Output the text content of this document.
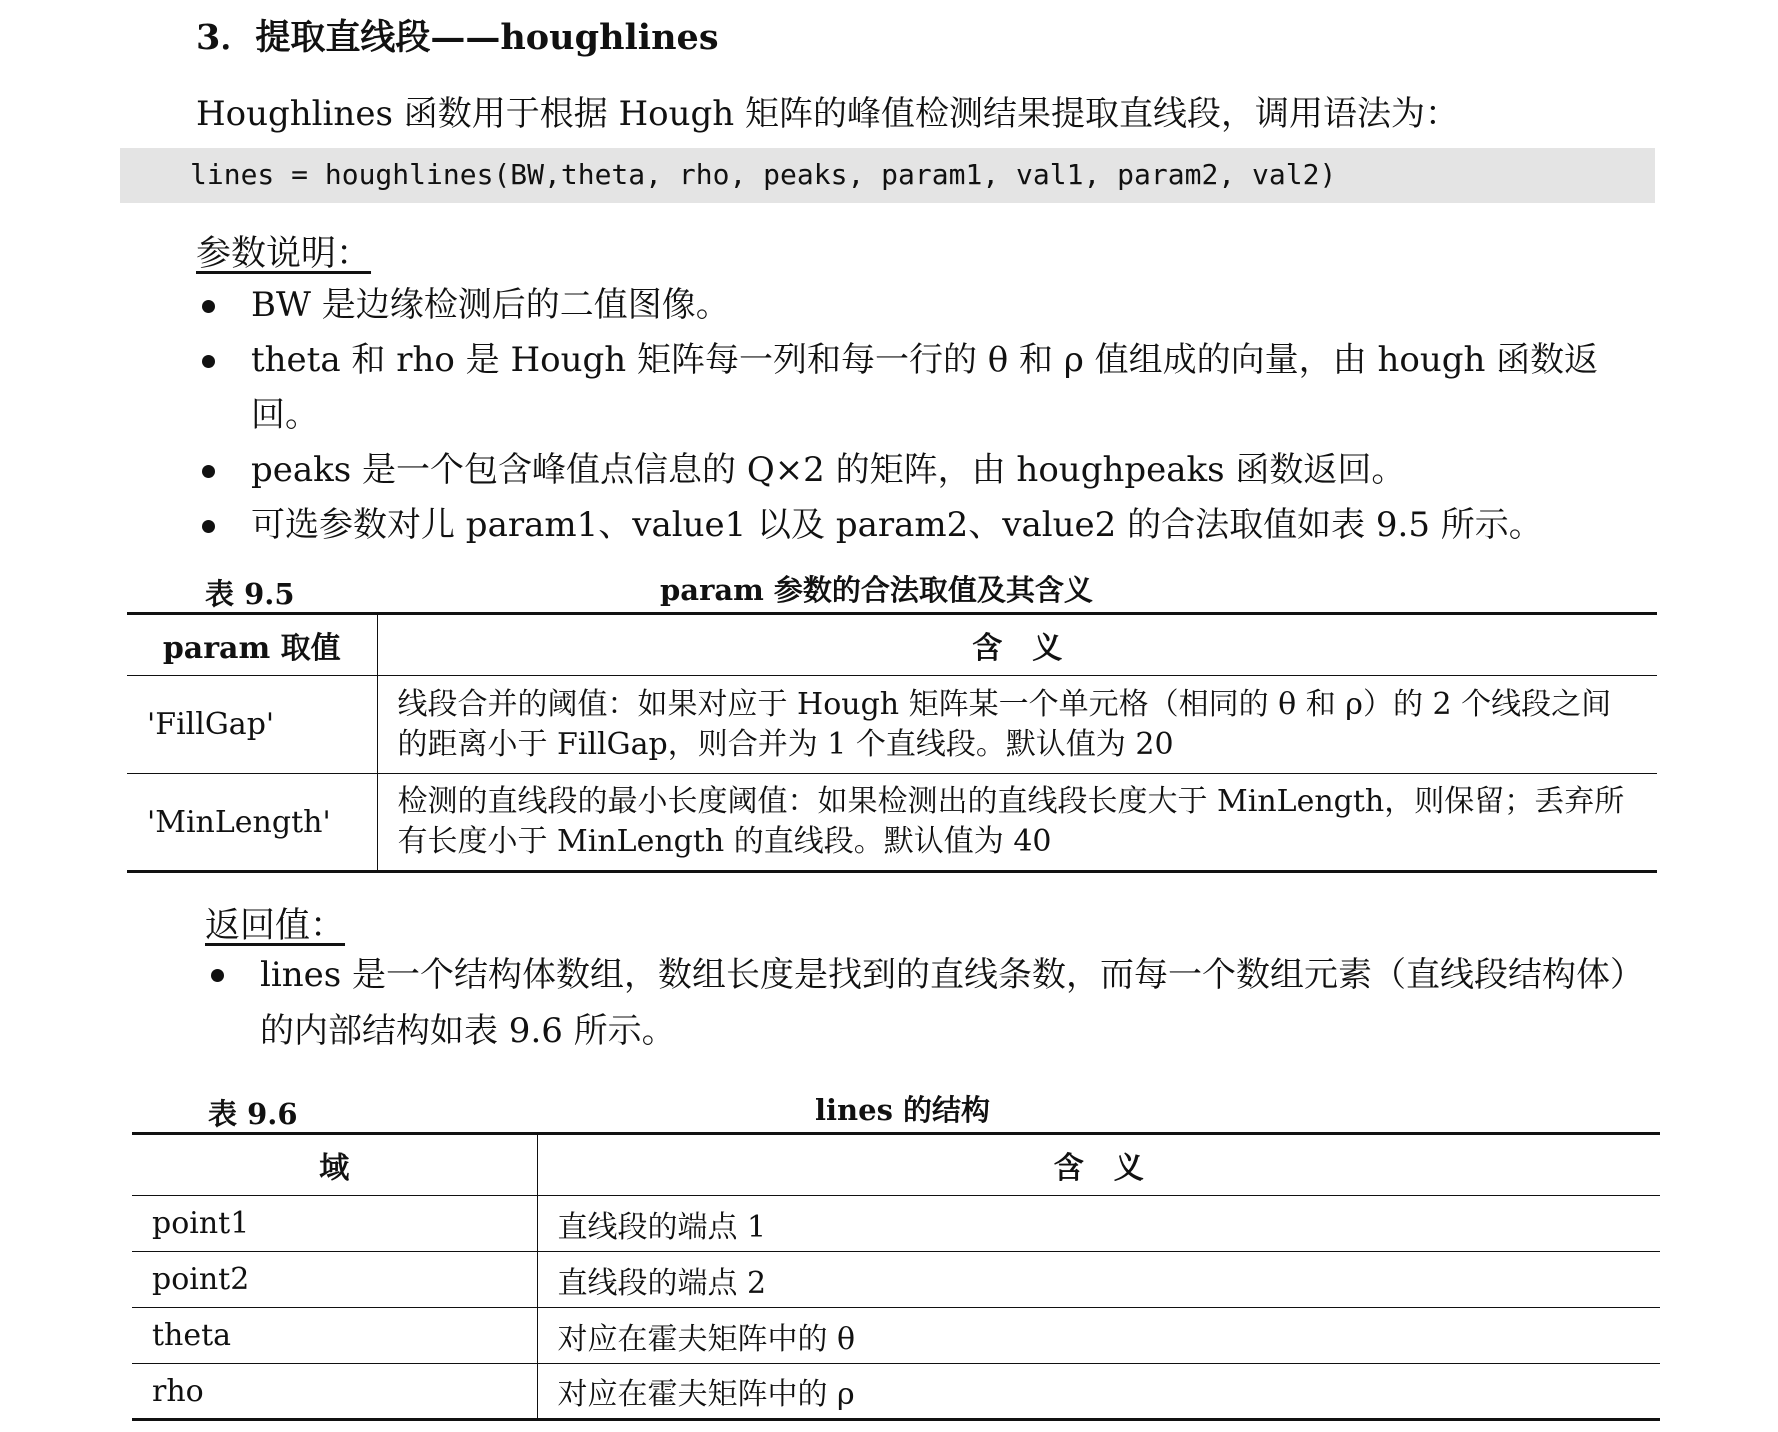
3．提取直线段——houghlines
Houghlines 函数用于根据 Hough 矩阵的峰值检测结果提取直线段，调用语法为：
lines = houghlines(BW,theta, rho, peaks, param1, val1, param2, val2)
参数说明：
BW 是边缘检测后的二值图像。
theta 和 rho 是 Hough 矩阵每一列和每一行的 θ 和 ρ 值组成的向量，由 hough 函数返回。
peaks 是一个包含峰值点信息的 Q×2 的矩阵，由 houghpeaks 函数返回。
可选参数对儿 param1、value1 以及 param2、value2 的合法取值如表 9.5 所示。
表 9.5	param 参数的合法取值及其含义
param 取值	含　义
'FillGap'	线段合并的阈值：如果对应于 Hough 矩阵某一个单元格（相同的 θ 和 ρ）的 2 个线段之间的距离小于 FillGap，则合并为 1 个直线段。默认值为 20
'MinLength'	检测的直线段的最小长度阈值：如果检测出的直线段长度大于 MinLength，则保留；丢弃所有长度小于 MinLength 的直线段。默认值为 40
返回值：
lines 是一个结构体数组，数组长度是找到的直线条数，而每一个数组元素（直线段结构体）的内部结构如表 9.6 所示。
表 9.6	lines 的结构
域	含　义
point1	直线段的端点 1
point2	直线段的端点 2
theta	对应在霍夫矩阵中的 θ
rho	对应在霍夫矩阵中的 ρ
